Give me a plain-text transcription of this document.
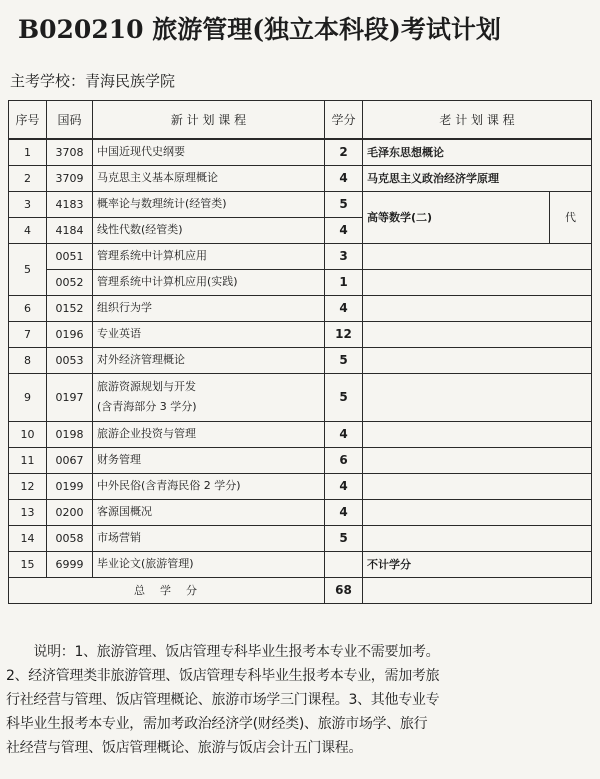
B020210 旅游管理(独立本科段)考试计划
主考学校：青海民族学院
序号	国码	新 计 划 课 程	学分	老 计 划 课 程	
1	3708	中国近现代史纲要	2	毛泽东思想概论	
2	3709	马克思主义基本原理概论	4	马克思主义政治经济学原理	
3	4183	概率论与数理统计(经管类)	5	高等数学(二)	代
4	4184	线性代数(经管类)	4		
5	0051	管理系统中计算机应用	3		
	0052	管理系统中计算机应用(实践)	1		
6	0152	组织行为学	4		
7	0196	专业英语	12		
8	0053	对外经济管理概论	5		
9	0197	旅游资源规划与开发
(含青海部分 3 学分)	5		
10	0198	旅游企业投资与管理	4		
11	0067	财务管理	6		
12	0199	中外民俗(含青海民俗 2 学分)	4		
13	0200	客源国概况	4		
14	0058	市场营销	5		
15	6999	毕业论文(旅游管理)		不计学分	
总　学　分			68		
　　说明：1、旅游管理、饭店管理专科毕业生报考本专业不需要加考。
2、经济管理类非旅游管理、饭店管理专科毕业生报考本专业，需加考旅
行社经营与管理、饭店管理概论、旅游市场学三门课程。3、其他专业专
科毕业生报考本专业，需加考政治经济学(财经类)、旅游市场学、旅行
社经营与管理、饭店管理概论、旅游与饭店会计五门课程。
